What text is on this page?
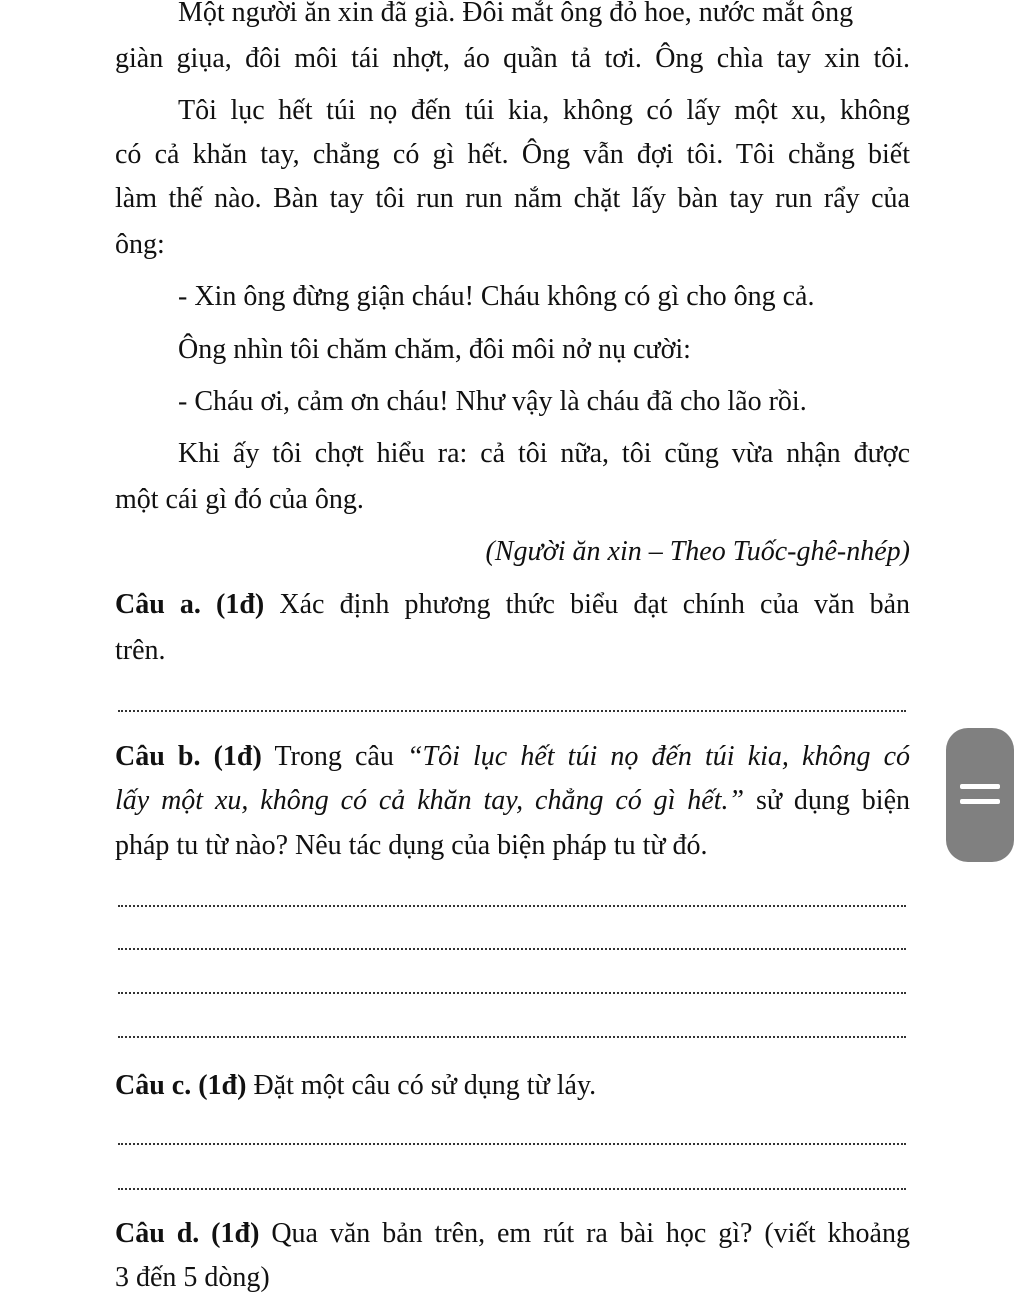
Một người ăn xin đã già. Đôi mắt ông đỏ hoe, nước mắt ông
giàn giụa, đôi môi tái nhợt, áo quần tả tơi. Ông chìa tay xin tôi.
Tôi lục hết túi nọ đến túi kia, không có lấy một xu, không
có cả khăn tay, chẳng có gì hết. Ông vẫn đợi tôi. Tôi chẳng biết
làm thế nào. Bàn tay tôi run run nắm chặt lấy bàn tay run rẩy của
ông:
- Xin ông đừng giận cháu! Cháu không có gì cho ông cả.
Ông nhìn tôi chăm chăm, đôi môi nở nụ cười:
- Cháu ơi, cảm ơn cháu! Như vậy là cháu đã cho lão rồi.
Khi ấy tôi chợt hiểu ra: cả tôi nữa, tôi cũng vừa nhận được
một cái gì đó của ông.
(Người ăn xin – Theo Tuốc-ghê-nhép)
Câu a. (1đ) Xác định phương thức biểu đạt chính của văn bản
trên.
Câu b. (1đ) Trong câu “Tôi lục hết túi nọ đến túi kia, không có
lấy một xu, không có cả khăn tay, chẳng có gì hết.” sử dụng biện
pháp tu từ nào? Nêu tác dụng của biện pháp tu từ đó.
Câu c. (1đ) Đặt một câu có sử dụng từ láy.
Câu d. (1đ) Qua văn bản trên, em rút ra bài học gì? (viết khoảng
3 đến 5 dòng)
